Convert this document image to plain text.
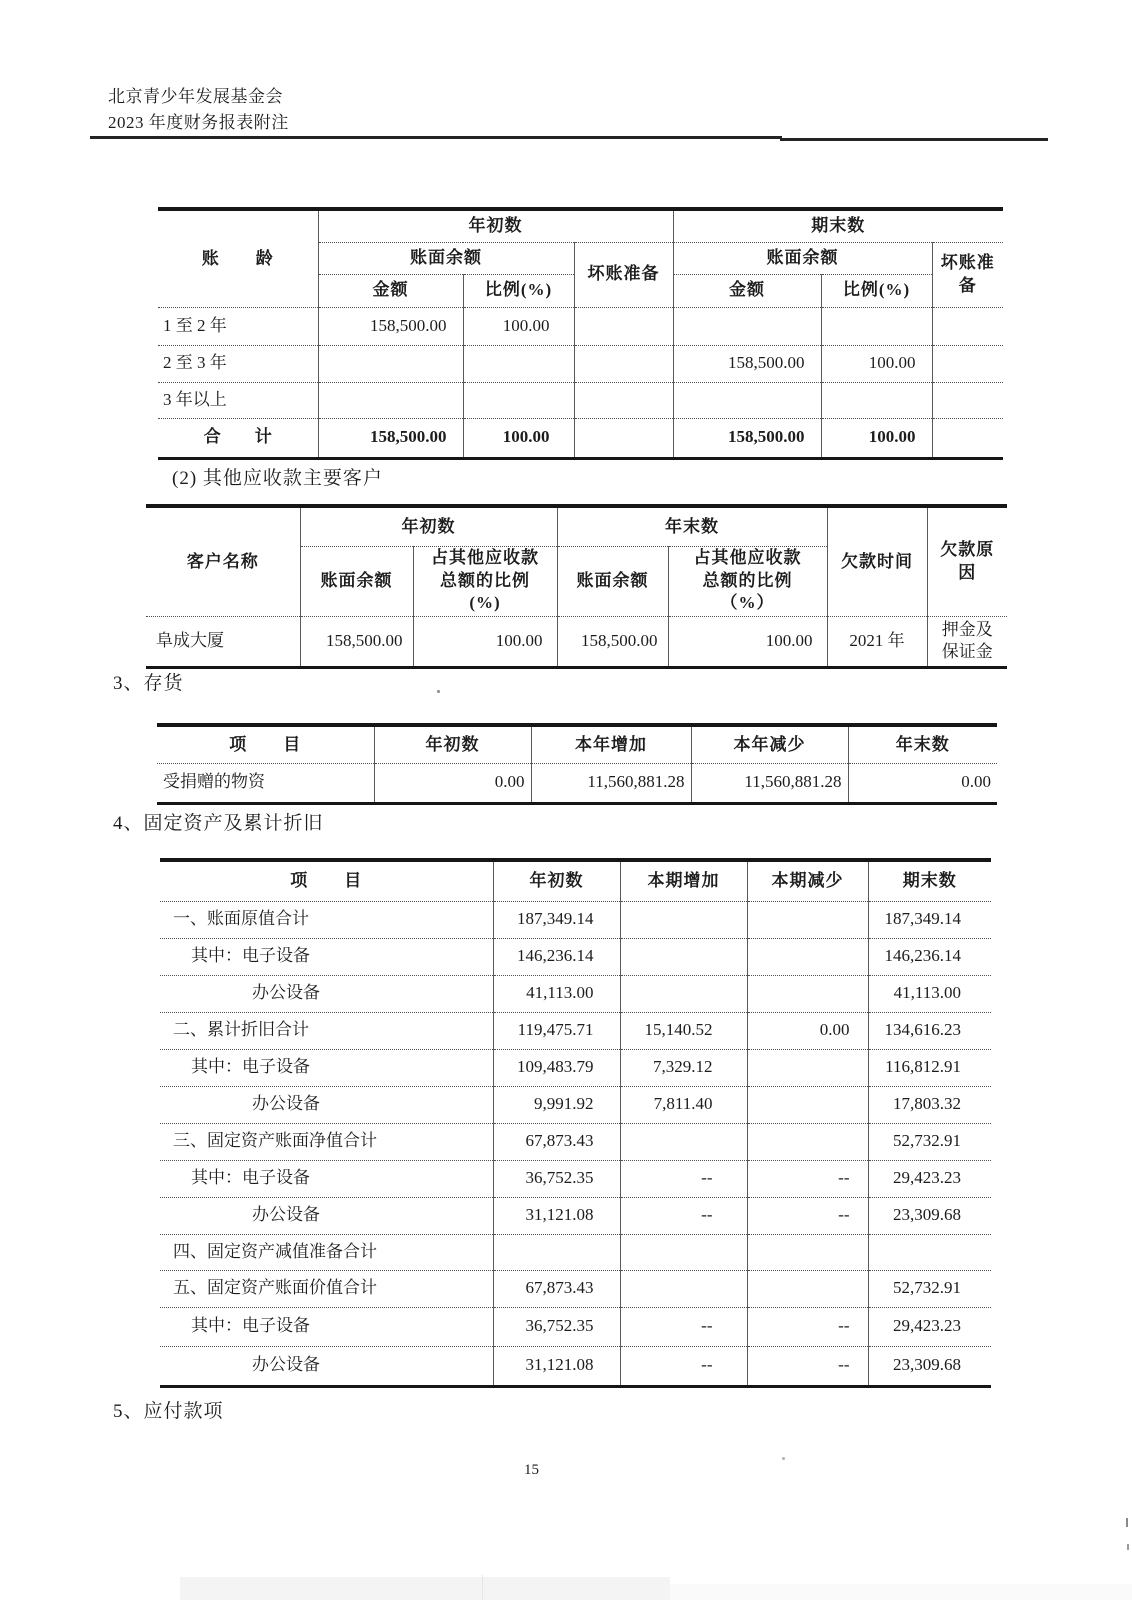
北京青少年发展基金会
2023 年度财务报表附注
账　　龄	年初数			期末数		
	账面余额		坏账准备	账面余额		坏账准备
	金额	比例(%)		金额	比例(%)	
1 至 2 年	158,500.00	100.00				
2 至 3 年				158,500.00	100.00	
3 年以上						
合　　计	158,500.00	100.00		158,500.00	100.00	
(2) 其他应收款主要客户
客户名称	年初数		年末数		欠款时间	欠款原因
	账面余额	占其他应收款总额的比例(%)	账面余额	占其他应收款总额的比例（%）		
阜成大厦	158,500.00	100.00	158,500.00	100.00	2021 年	押金及保证金
3、存货
项　　目	年初数	本年增加	本年减少	年末数
受捐赠的物资	0.00	11,560,881.28	11,560,881.28	0.00
4、固定资产及累计折旧
项　　目	年初数	本期增加	本期减少	期末数
一、账面原值合计	187,349.14			187,349.14
其中：电子设备	146,236.14			146,236.14
办公设备	41,113.00			41,113.00
二、累计折旧合计	119,475.71	15,140.52	0.00	134,616.23
其中：电子设备	109,483.79	7,329.12		116,812.91
办公设备	9,991.92	7,811.40		17,803.32
三、固定资产账面净值合计	67,873.43			52,732.91
其中：电子设备	36,752.35	--	--	29,423.23
办公设备	31,121.08	--	--	23,309.68
四、固定资产减值准备合计				
五、固定资产账面价值合计	67,873.43			52,732.91
其中：电子设备	36,752.35	--	--	29,423.23
办公设备	31,121.08	--	--	23,309.68
5、应付款项
15
